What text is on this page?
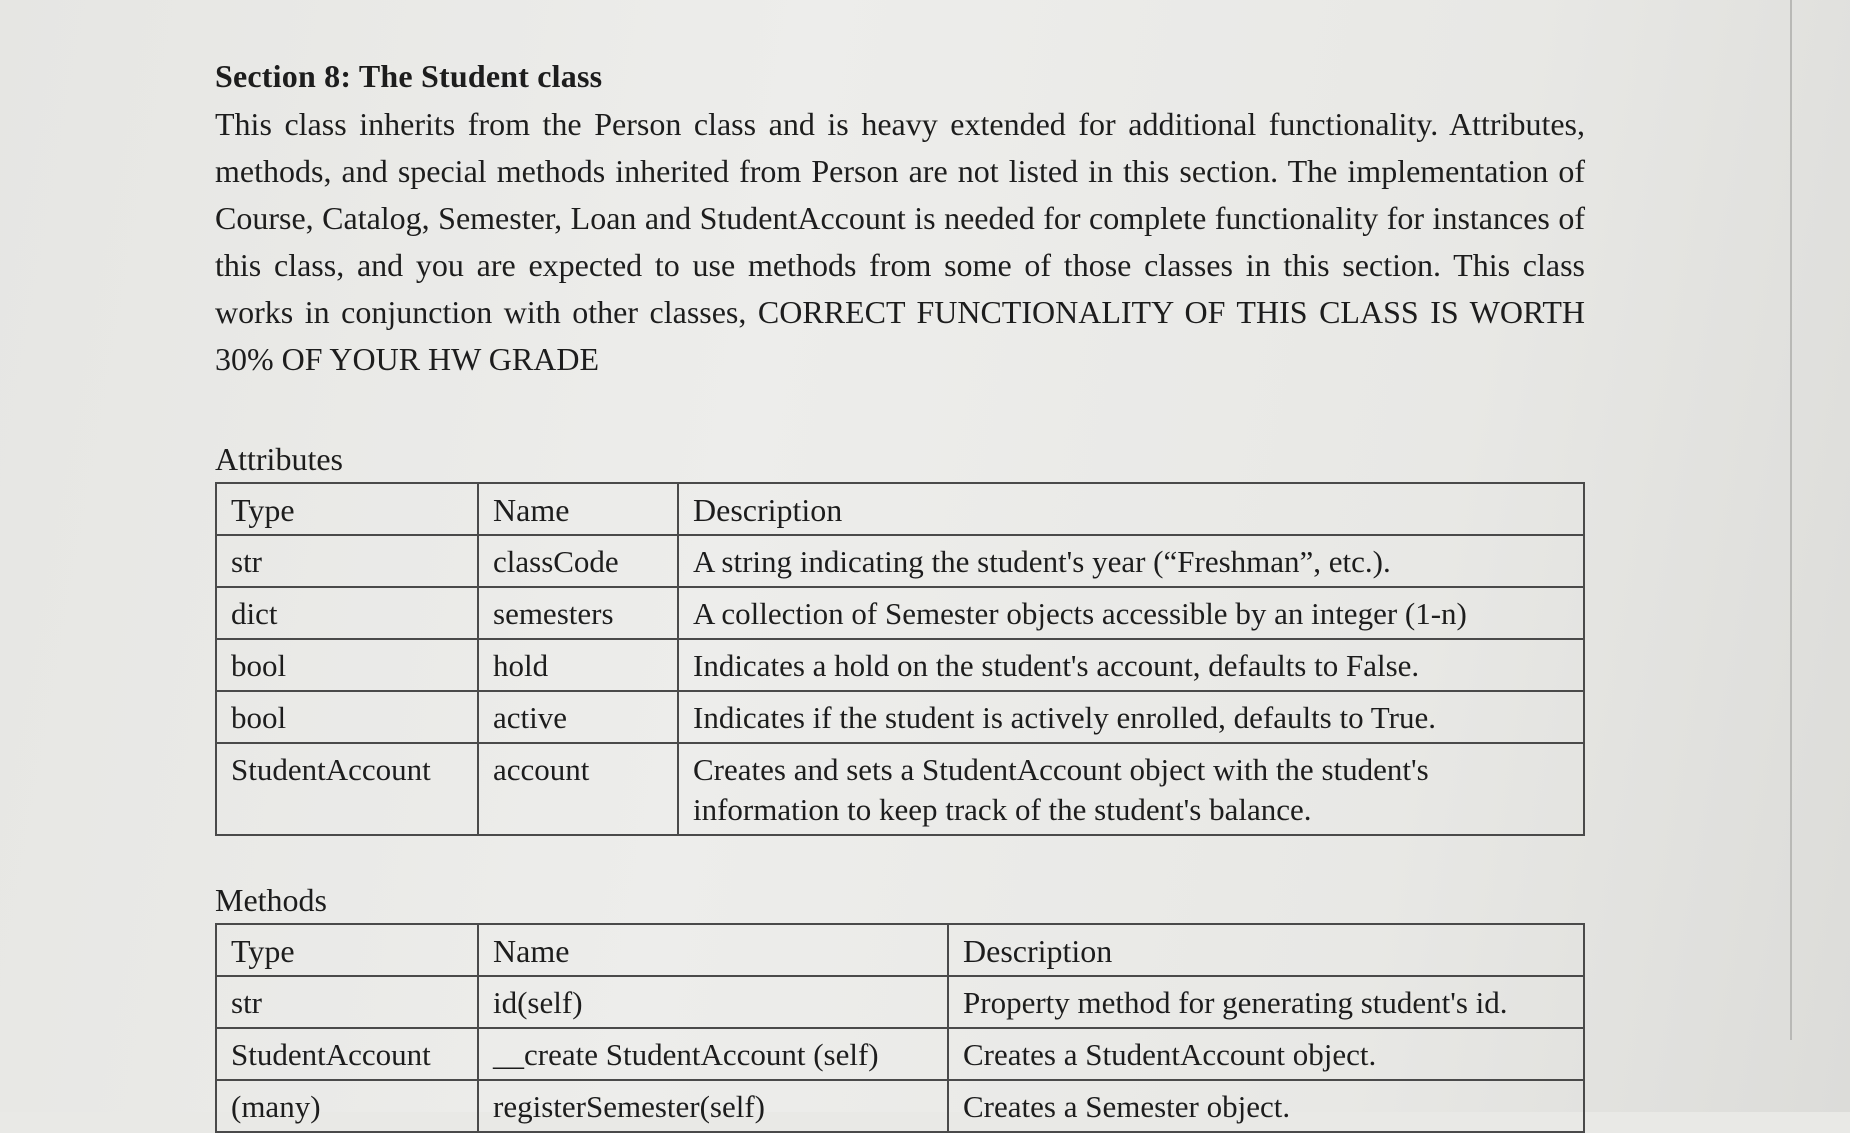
Section 8: The Student class

This class inherits from the Person class and is heavy extended for additional functionality. Attributes, methods, and special methods inherited from Person are not listed in this section. The implementation of Course, Catalog, Semester, Loan and StudentAccount is needed for complete functionality for instances of this class, and you are expected to use methods from some of those classes in this section. This class works in conjunction with other classes, CORRECT FUNCTIONALITY OF THIS CLASS IS WORTH 30% OF YOUR HW GRADE

Attributes
Type	Name	Description
str	classCode	A string indicating the student's year (“Freshman”, etc.).
dict	semesters	A collection of Semester objects accessible by an integer (1-n)
bool	hold	Indicates a hold on the student's account, defaults to False.
bool	active	Indicates if the student is actively enrolled, defaults to True.
StudentAccount	account	Creates and sets a StudentAccount object with the student's information to keep track of the student's balance.
Methods
Type	Name	Description
str	id(self)	Property method for generating student's id.
StudentAccount	__create StudentAccount (self)	Creates a StudentAccount object.
(many)	registerSemester(self)	Creates a Semester object.
